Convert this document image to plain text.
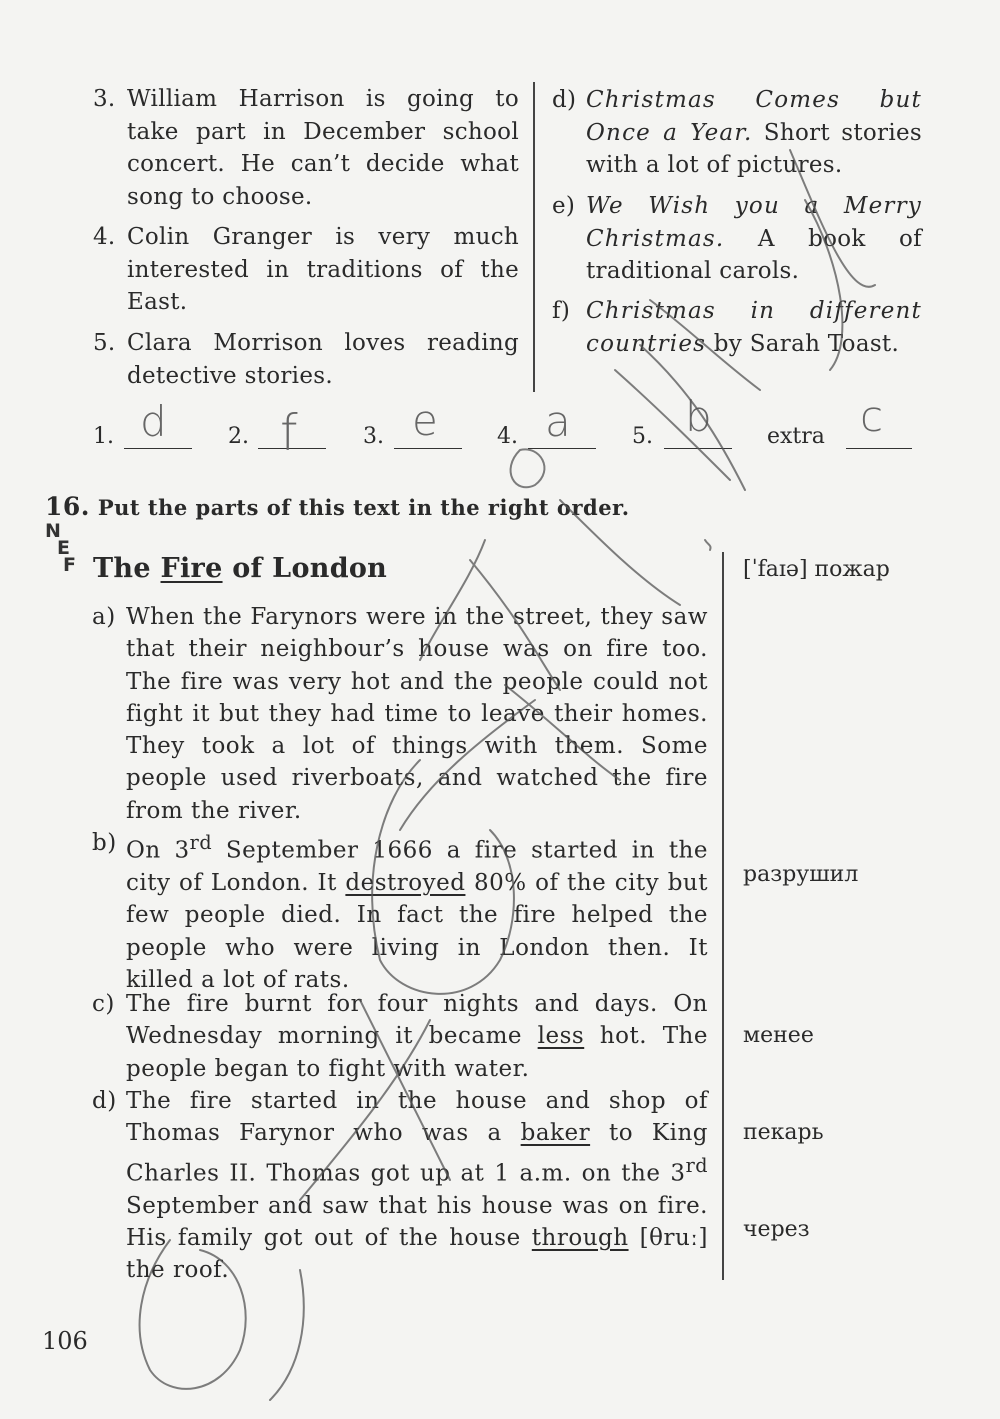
3. William Harrison is going to take part in December school concert. He can’t decide what song to choose.
4. Colin Granger is very much interested in traditions of the East.
5. Clara Morrison loves reading detective stories.
d) Christmas Comes but Once a Year. Short stories with a lot of pictures.
e) We Wish you a Merry Christmas. A book of traditional carols.
f) Christmas in different countries by Sarah Toast.
1. d	2. f	3. e	4. a	5. b	extra c
16. Put the parts of this text in the right order.
N
E
F The Fire of London
a) When the Farynors were in the street, they saw that their neighbour’s house was on fire too. The fire was very hot and the people could not fight it but they had time to leave their homes. They took a lot of things with them. Some people used riverboats, and watched the fire from the river.
b) On 3rd September 1666 a fire started in the city of London. It destroyed 80% of the city but few people died. In fact the fire helped the people who were living in London then. It killed a lot of rats.
c) The fire burnt for four nights and days. On Wednesday morning it became less hot. The people began to fight with water.
d) The fire started in the house and shop of Thomas Farynor who was a baker to King Charles II. Thomas got up at 1 a.m. on the 3rd September and saw that his house was on fire. His family got out of the house through [θruː] the roof.
[ˈfaɪə] пожар
разрушил
менее
пекарь
через
106
